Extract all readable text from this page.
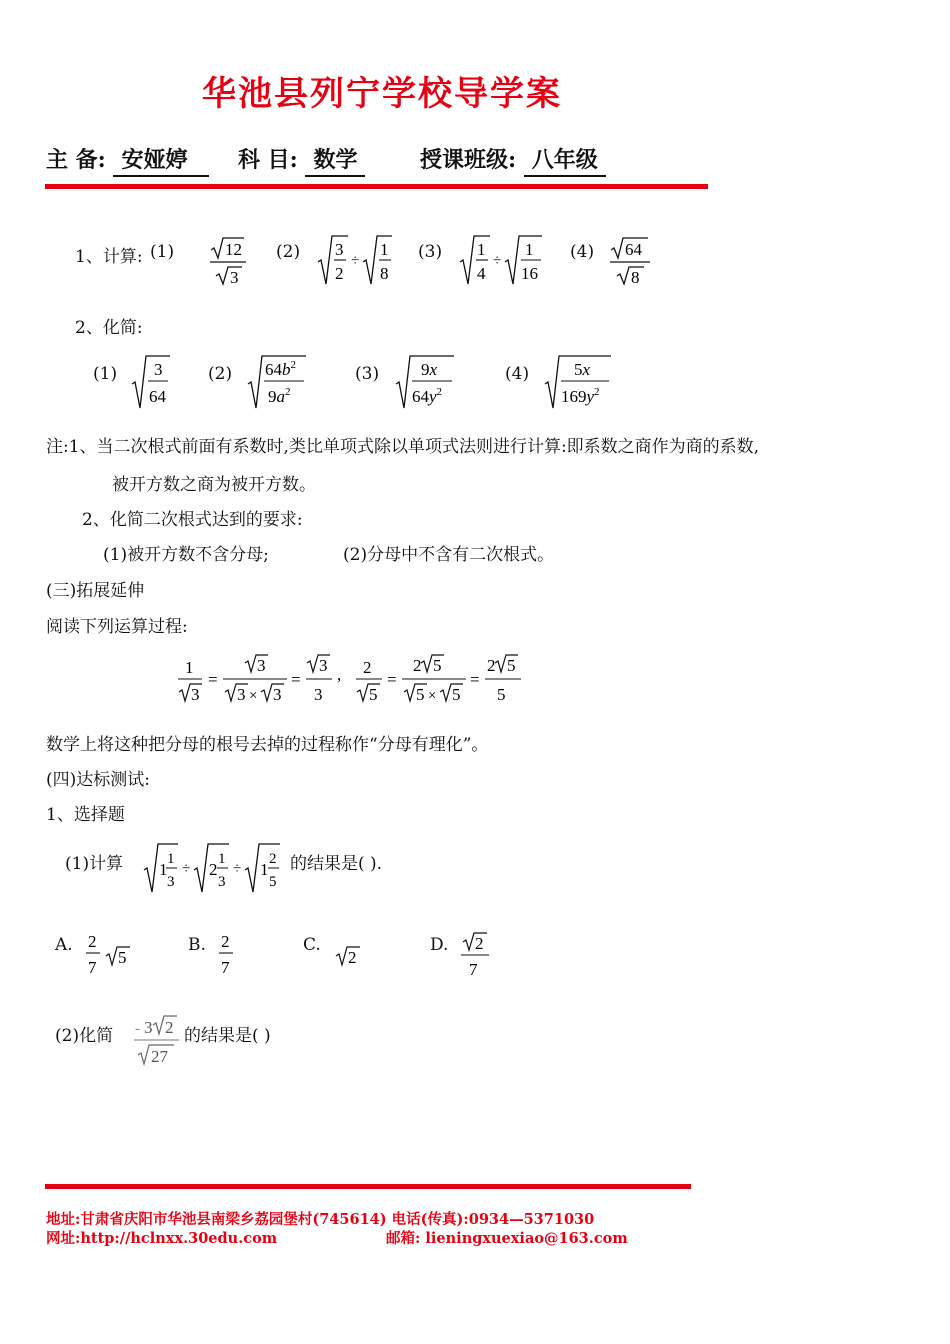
华池县列宁学校导学案
主 备: 安娅婷	科 目: 数学	授课班级: 八年级
1、计算: (1)	12
3
(2) 3
2
÷
1
8
(3) 1
4
÷
1
16
(4) 64
8
2、化简:
(1) 3
64
(2) $64b^2$
$9a^2$
(3) 9x
$64y^2$
(4)	5x
$169y^2$
注:1、当二次根式前面有系数时,类比单项式除以单项式法则进行计算:即系数之商作为商的系数,
被开方数之商为被开方数。
2、化简二次根式达到的要求:
(1)被开方数不含分母;	(2)分母中不含有二次根式。
(三)拓展延伸
阅读下列运算过程:
1
3
=
3
3 × 3
=
3
3
, 2
5
=
2 5
5 × 5
=
2 5
5
数学上将这种把分母的根号去掉的过程称作“分母有理化”。
(四)达标测试:
1、选择题
(1)计算 1
1
3
÷ 2
1
3
÷ 1
2
5
的结果是( ).
A. 2
7
5
B. 2
7
C.
2
D. 2
7
(2)化简 - 3 2
27
的结果是( )
地址:甘肃省庆阳市华池县南梁乡荔园堡村(745614) 电话(传真):0934—5371030
网址:http://hclnxx.30edu.com	邮箱: lieningxuexiao@163.com
